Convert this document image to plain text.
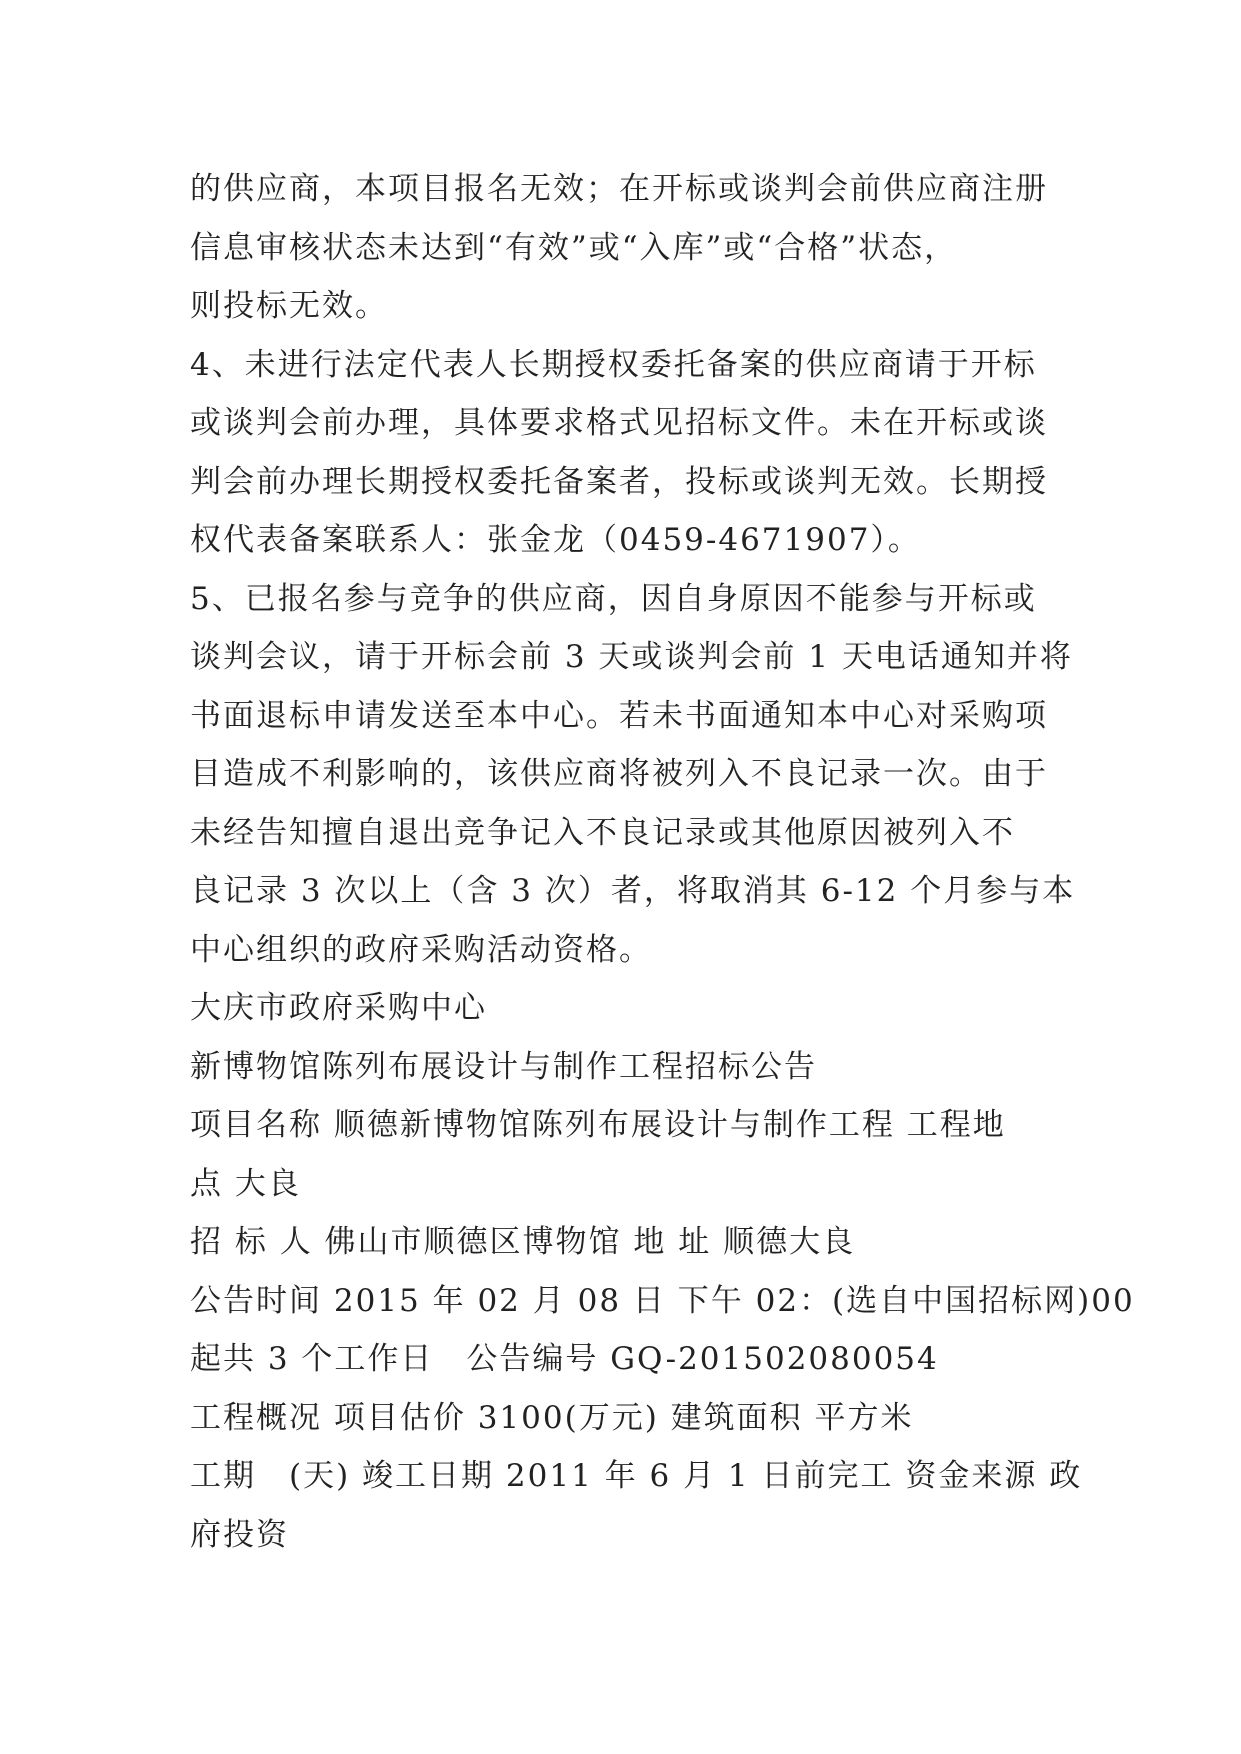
的供应商，本项目报名无效；在开标或谈判会前供应商注册
信息审核状态未达到“有效”或“入库”或“合格”状态，
则投标无效。
4、未进行法定代表人长期授权委托备案的供应商请于开标
或谈判会前办理，具体要求格式见招标文件。未在开标或谈
判会前办理长期授权委托备案者，投标或谈判无效。长期授
权代表备案联系人：张金龙（0459-4671907）。
5、已报名参与竞争的供应商，因自身原因不能参与开标或
谈判会议，请于开标会前 3 天或谈判会前 1 天电话通知并将
书面退标申请发送至本中心。若未书面通知本中心对采购项
目造成不利影响的，该供应商将被列入不良记录一次。由于
未经告知擅自退出竞争记入不良记录或其他原因被列入不
良记录 3 次以上（含 3 次）者，将取消其 6-12 个月参与本
中心组织的政府采购活动资格。
大庆市政府采购中心
新博物馆陈列布展设计与制作工程招标公告
项目名称 顺德新博物馆陈列布展设计与制作工程 工程地
点 大良
招 标 人 佛山市顺德区博物馆 地 址 顺德大良
公告时间 2015 年 02 月 08 日 下午 02：(选自中国招标网)00
起共 3 个工作日　公告编号 GQ-201502080054
工程概况 项目估价 3100(万元) 建筑面积 平方米
工期　(天) 竣工日期 2011 年 6 月 1 日前完工 资金来源 政
府投资
